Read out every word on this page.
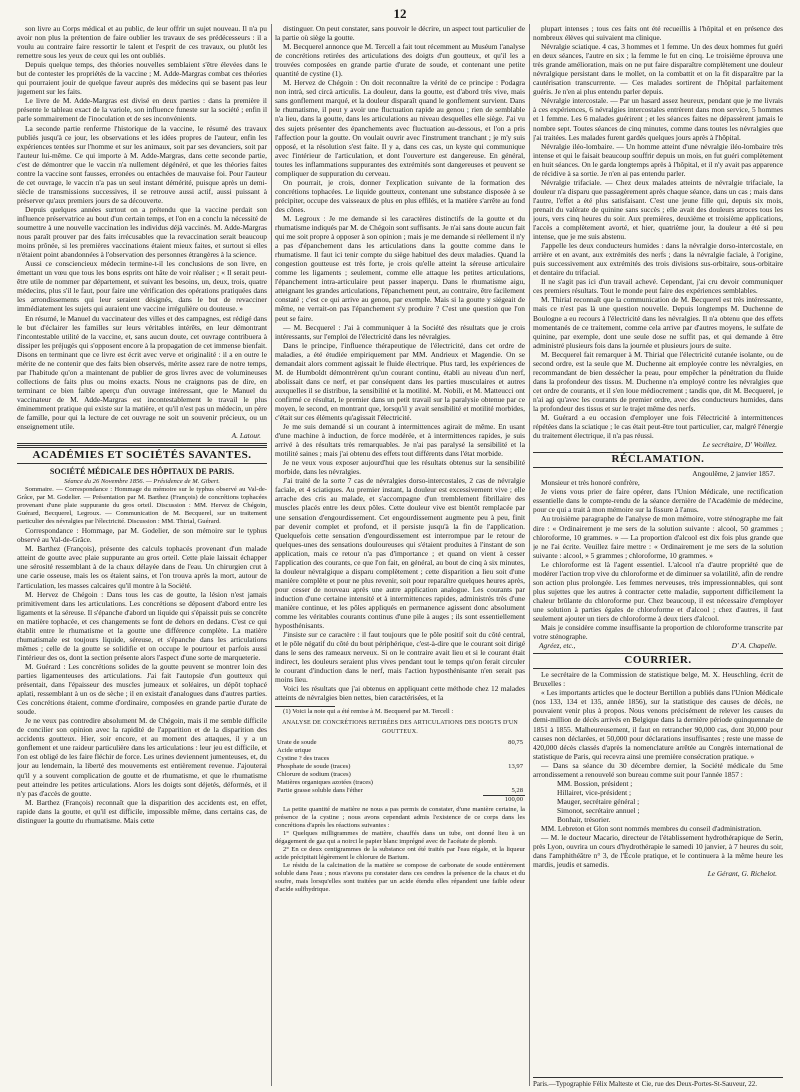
12

son livre au Corps médical et au public, de leur offrir un sujet nouveau. Il n'a pu avoir non plus la prétention de faire oublier les travaux de ses prédécesseurs : il a voulu au contraire faire ressortir le talent et l'esprit de ces travaux, ou plutôt les remettre sous les yeux de ceux qui les ont oubliés.

Depuis quelque temps, des théories nouvelles semblaient s'être élevées dans le but de contester les propriétés de la vaccine ; M. Adde-Margras combat ces théories qui pourraient jouir de quelque faveur auprès des médecins qui se basent pas leur jugement sur les faits.

Le livre de M. Adde-Margras est divisé en deux parties : dans la première il présente le tableau exact de la variole, son influence funeste sur la société ; enfin il parle sommairement de l'inoculation et de ses inconvénients.

La seconde partie renferme l'historique de la vaccine, le résumé des travaux publiés jusqu'à ce jour, les observations et les idées propres de l'auteur, enfin les expériences tentées sur l'homme et sur les animaux, soit par ses devanciers, soit par l'auteur lui-même. Ce qui importe à M. Adde-Margras, dans cette seconde partie, c'est de démontrer que le vaccin n'a nullement dégénéré, et que les théories faites contre la vaccine sont fausses, erronées ou entachées de mauvaise foi. Pour l'auteur de cet ouvrage, le vaccin n'a pas un seul instant démérité, puisque après un demi-siècle de transmissions successives, il se retrouve aussi actif, aussi puissant à préserver qu'aux premiers jours de sa découverte.

Depuis quelques années surtout on a prétendu que la vaccine perdait son influence préservatrice au bout d'un certain temps, et l'on en a conclu la nécessité de soumettre à une nouvelle vaccination les individus déjà vaccinés. M. Adde-Margras nous paraît prouver par des faits irrécusables que la revaccination serait beaucoup moins prônée, si les premières vaccinations étaient mieux faites, et surtout si elles n'étaient point abandonnées à l'observation des personnes étrangères à la science.

Aussi ce consciencieux médecin termine-t-il les conclusions de son livre, en émettant un vœu que tous les bons esprits ont hâte de voir réaliser ; « Il serait peut-être utile de nommer par département, et suivant les besoins, un, deux, trois, quatre médecins, plus s'il le faut, pour faire une vérification des opérations pratiquées dans les arrondissements qui leur seraient désignés, dans le but de revacciner immédiatement les sujets qui auraient une vaccine irrégulière ou douteuse. »

En résumé, le Manuel du vaccinateur des villes et des campagnes, est rédigé dans le but d'éclairer les familles sur leurs véritables intérêts, en leur démontrant l'incontestable utilité de la vaccine, et, sans aucun doute, cet ouvrage contribuera à dissiper les préjugés qui s'opposent encore à la propagation de cet immense bienfait. Disons en terminant que ce livre est écrit avec verve et originalité : il a en outre le mérite de ne contenir que des faits bien observés, mérite assez rare de notre temps, par l'habitude qu'on a maintenant de publier de gros livres avec de volumineuses collections de faits plus ou moins exacts. Nous ne craignons pas de dire, en terminant ce bien faible aperçu d'un ouvrage intéressant, que le Manuel du vaccinateur de M. Adde-Margras est incontestablement le travail le plus éminemment pratique qui existe sur la matière, et qu'il n'est pas un médecin, un père de famille, pour qui la lecture de cet ouvrage ne soit un souvenir précieux, ou un enseignement utile.

A. Latour.
ACADÉMIES ET SOCIÉTÉS SAVANTES.
SOCIÉTÉ MÉDICALE DES HÔPITAUX DE PARIS.

Séance du 26 Novembre 1856. — Présidence de M. Gibert.

Sommaire. — Correspondance : Hommage du mémoire sur le typhus observé au Val-de-Grâce, par M. Godelier. — Présentation par M. Barthez (François) de concrétions tophacées provenant d'une plaie suppurante du gros orteil. Discussion : MM. Hervez de Chégoin, Guérard, Becquerel, Legroux. — Communication de M. Becquerel, sur un traitement particulier des névralgies par l'électricité. Discussion : MM. Thirial, Guérard.

Correspondance : Hommage, par M. Godelier, de son mémoire sur le typhus observé au Val-de-Grâce.

M. Barthez (François), présente des calculs tophacés provenant d'un malade atteint de goutte avec plaie suppurante au gros orteil. Cette plaie laissait échapper une sérosité ressemblant à de la chaux délayée dans de l'eau. Un chirurgien crut à une carie osseuse, mais les os étaient sains, et l'on trouva après la mort, autour de l'articulation, les masses calcaires qu'il montre à la Société.

M. Hervez de Chégoin : Dans tous les cas de goutte, la lésion n'est jamais primitivement dans les articulations. Les concrétions se déposent d'abord entre les ligaments et la séreuse. Il s'épanche d'abord un liquide qui s'épaissit puis se concrète en matière tophacée, et ces changements se font de dehors en dedans. C'est ce qui établit entre le rhumatisme et la goutte une différence complète. La matière rhumatismale est toujours liquide, séreuse, et s'épanche dans les articulations mêmes ; celle de la goutte se solidifie et on occupe le pourtour et parfois aussi l'intérieur des os, dont la section présente alors l'aspect d'une sorte de marqueterie.

M. Guérard : Les concrétions solides de la goutte peuvent se montrer loin des parties ligamenteuses des articulations. J'ai fait l'autopsie d'un goutteux qui présentait, dans l'épaisseur des muscles jumeaux et soléaires, un dépôt tophacé aplati, ressemblant à un os de sèche ; il en existait d'analogues dans d'autres parties. Ces concrétions étaient, comme d'ordinaire, composées en grande partie d'urate de soude.

Je ne veux pas contredire absolument M. de Chégoin, mais il me semble difficile de concilier son opinion avec la rapidité de l'apparition et de la disparition des accidents goutteux. Hier, soir encore, et au moment des attaques, il y a un gonflement et une raideur particulière dans les articulations : leur jeu est difficile, et l'on est obligé de les faire fléchir de force. Les urines deviennent jumenteuses, et, du jour au lendemain, la liberté des mouvements est entièrement revenue. J'ajouterai qu'il y a souvent complication de goutte et de rhumatisme, et que le rhumatisme peut atteindre les petites articulations. Alors les doigts sont déjetés, déformés, et il n'y pas d'accès de goutte.

M. Barthez (François) reconnaît que la disparition des accidents est, en effet, rapide dans la goutte, et qu'il est difficile, impossible même, dans certains cas, de distinguer la goutte du rhumatisme. Mais cette

distinguer. On peut constater, sans pouvoir le décrire, un aspect tout particulier de la partie où siège la goutte.

M. Becquerel annonce que M. Tercell a fait tout récemment au Muséum l'analyse de concrétions retirées des articulations des doigts d'un goutteux, et qu'il les a trouvées composées en grande partie d'urate de soude, et contenant une petite quantité de cystine (1).

M. Hervez de Chégoin : On doit reconnaître la vérité de ce principe : Podagra non intrà, sed circà articulis. La douleur, dans la goutte, est d'abord très vive, mais sans gonflement marqué, et la douleur disparaît quand le gonflement survient. Dans le rhumatisme, il peut y avoir une fluctuation rapide au genou ; rien de semblable n'a lieu, dans la goutte, dans les articulations au niveau desquelles elle siège. J'ai vu des sujets présenter des épanchements avec fluctuation au-dessous, et l'on a pris l'affection pour la goutte. On voulait ouvrir avec l'instrument tranchant ; je m'y suis opposé, et la résolution s'est faite. Il y a, dans ces cas, un kyste qui communique avec l'intérieur de l'articulation, et dont l'ouverture est dangereuse. En général, toutes les inflammations suppurantes des extrémités sont dangereuses et peuvent se compliquer de suppuration du cerveau.

On pourrait, je crois, donner l'explication suivante de la formation des concrétions tophacées. Le liquide goutteux, contenant une substance disposée à se précipiter, occupe des vaisseaux de plus en plus effilés, et la matière s'arrête au fond des cônes.

M. Legroux : Je me demande si les caractères distinctifs de la goutte et du rhumatisme indiqués par M. de Chégoin sont suffisants. Je n'ai sans doute aucun fait qui me soit propre à opposer à son opinion ; mais je me demande si réellement il n'y a pas d'épanchement dans les articulations dans la goutte comme dans le rhumatisme. Il faut ici tenir compte du siège habituel des deux maladies. Quand la congestion goutteuse est très forte, je crois qu'elle atteint la séreuse articulaire comme les ligaments ; seulement, comme elle attaque les petites articulations, l'épanchement intra-articulaire peut passer inaperçu. Dans le rhumatisme aigu, atteignant les grandes articulations, l'épanchement peut, au contraire, être facilement constaté ; c'est ce qui arrive au genou, par exemple. Mais si la goutte y siégeait de même, ne verrait-on pas l'épanchement s'y produire ? C'est une question que l'on peut se faire.

— M. Becquerel : J'ai à communiquer à la Société des résultats que je crois intéressants, sur l'emploi de l'électricité dans les névralgies.

Dans le principe, l'influence thérapeutique de l'électricité, dans cet ordre de maladies, a été étudiée empiriquement par MM. Andrieux et Magendie. On se demandait alors comment agissait le fluide électrique. Plus tard, les expériences de M. de Humboldt démontrèrent qu'un courant continu, établi au niveau d'un nerf, abolissait dans ce nerf, et par conséquent dans les parties musculaires et autres auxquelles il se distribue, la sensibilité et la motilité. M. Nobili, et M. Matteucci ont confirmé ce résultat, le premier dans un petit travail sur la paralysie obtenue par ce moyen, le second, en montrant que, lorsqu'il y avait sensibilité et motilité morbides, c'était sur ces éléments qu'agissait l'électricité.

Je me suis demandé si un courant à intermittences agirait de même. En usant d'une machine à induction, de force modérée, et à intermittences rapides, je suis arrivé à des résultats très remarquables. Je n'ai pas paralysé la sensibilité et la motilité saines ; mais j'ai obtenu des effets tout différents dans l'état morbide.

Je ne veux vous exposer aujourd'hui que les résultats obtenus sur la sensibilité morbide, dans les névralgies.

J'ai traité de la sorte 7 cas de névralgies dorso-intercostales, 2 cas de névralgie faciale, et 4 sciatiques. Au premier instant, la douleur est excessivement vive ; elle arrache des cris au malade, et s'accompagne d'un tremblement fibrillaire des muscles placés entre les deux pôles. Cette douleur vive est bientôt remplacée par une sensation d'engourdissement. Cet engourdissement augmente peu à peu, finit par devenir complet et profond, et il persiste jusqu'à la fin de l'application. Quelquefois cette sensation d'engourdissement est interrompue par le retour de quelques-unes des sensations douloureuses qui s'étaient produites à l'instant de son application, mais ce retour n'a pas d'importance ; et quand on vient à cesser l'application des courants, ce que l'on fait, en général, au bout de cinq à six minutes, la douleur névralgique a disparu complètement ; cette disparition a lieu soit d'une manière complète et pour ne plus revenir, soit pour reparaître quelques heures après, pour cesser de nouveau après une autre application analogue. Les courants par induction d'une certaine intensité et à intermittences rapides, administrés très d'une manière continue, et les pôles appliqués en permanence agissent donc absolument comme les véritables courants continus d'une pile à auges ; ils sont essentiellement hyposthénisants.

J'insiste sur ce caractère : il faut toujours que le pôle positif soit du côté central, et le pôle négatif du côté du bout périphérique, c'est-à-dire que le courant soit dirigé dans le sens des rameaux nerveux. Si on le contraire avait lieu et si le courant était indirect, les douleurs seraient plus vives pendant tout le temps qu'on ferait circuler le courant d'induction dans le nerf, mais l'action hyposthénisante n'en serait pas moins lieu.

Voici les résultats que j'ai obtenus en appliquant cette méthode chez 12 malades atteints de névralgies bien nettes, bien caractérisées, et la

(1) Voici la note qui a été remise à M. Becquerel par M. Tercell :

ANALYSE DE CONCRÉTIONS RETIRÉES DES ARTICULATIONS DES DOIGTS D'UN GOUTTEUX.
Urate de soude	80,75
Acide urique	
Cystine ? des traces	
Phosphate de soude (traces)	13,97
Chlorure de sodium (traces)	
Matières organiques azotées (traces)	
Partie grasse soluble dans l'éther	5,28
	100,00

La petite quantité de matière ne nous a pas permis de constater, d'une manière certaine, la présence de la cystine ; nous avons cependant admis l'existence de ce corps dans les concrétions d'après les réactions suivantes :

1° Quelques milligrammes de matière, chauffés dans un tube, ont donné lieu à un dégagement de gaz qui a noirci le papier blanc imprégné avec de l'acétate de plomb.

2° En ce deux centigrammes de la substance ont été traités par l'eau régale, et la liqueur acide précipitait légèrement le chlorure de Barium.

Le résidu de la calcination de la matière se compose de carbonate de soude entièrement soluble dans l'eau ; nous n'avons pu constater dans ces cendres la présence de la chaux et du soufre, mais lorsqu'elles sont traitées par un acide étendu elles répandent une faible odeur d'acide sulfhydrique.

plupart intenses ; tous ces faits ont été recueillis à l'hôpital et en présence des nombreux élèves qui suivaient ma clinique.

Névralgie sciatique. 4 cas, 3 hommes et 1 femme. Un des deux hommes fut guéri en deux séances, l'autre en six ; la femme le fut en cinq. Le troisième éprouva une très grande amélioration, mais on ne put faire disparaître complètement une douleur névralgique persistant dans le mollet, on la combattit et on la fit disparaître par la cautérisation transcurrente. — Ces malades sortirent de l'hôpital parfaitement guéris. Je n'en ai plus entendu parler depuis.

Névralgie intercostale. — Par un hasard assez heureux, pendant que je me livrais à ces expériences, 6 névralgies intercostales entrèrent dans mon service, 5 hommes et 1 femme. Les 6 malades guérirent ; et les séances faites ne dépassèrent jamais le nombre sept. Toutes séances de cinq minutes, comme dans toutes les névralgies que j'ai traitées. Les malades furent gardés quelques jours après à l'hôpital.

Névralgie iléo-lombaire. — Un homme atteint d'une névralgie iléo-lombaire très intense et qui le faisait beaucoup souffrir depuis un mois, en fut guéri complètement en huit séances. On le garda longtemps après à l'hôpital, et il n'y avait pas apparence de récidive à sa sortie. Je n'en ai pas entendu parler.

Névralgie trifaciale. — Chez deux malades atteints de névralgie trifaciale, la douleur n'a disparu que passagèrement après chaque séance, dans un cas ; mais dans l'autre, l'effet a été plus satisfaisant. C'est une jeune fille qui, depuis six mois, prenait du valérate de quinine sans succès ; elle avait des douleurs atroces tous les jours, vers cinq heures du soir. Aux premières, deuxième et troisième applications, l'accès a complètement avorté, et hier, quatrième jour, la douleur a été si peu intense, que je me suis abstenu.

J'appelle les deux conducteurs humides : dans la névralgie dorso-intercostale, en arrière et en avant, aux extrémités des nerfs ; dans la névralgie faciale, à l'origine, puis successivement aux extrémités des trois divisions sus-orbitaire, sous-orbitaire et dentaire du trifacial.

Il ne s'agit pas ici d'un travail achevé. Cependant, j'ai cru devoir communiquer ces premiers résultats. Tout le monde peut faire des expériences semblables.

M. Thirial reconnaît que la communication de M. Becquerel est très intéressante, mais ce n'est pas là une question nouvelle. Depuis longtemps M. Duchenne de Boulogne a eu recours à l'électricité dans les névralgies. Il n'a obtenu que des effets momentanés de ce traitement, comme cela arrive par d'autres moyens, le sulfate de quinine, par exemple, dont une seule dose ne suffit pas, et qui demande à être administré plusieurs fois dans la journée et plusieurs jours de suite.

M. Becquerel fait remarquer à M. Thirial que l'électricité cutanée isolante, ou de second ordre, est la seule que M. Duchenne ait employée contre les névralgies, en recommandant de bien dessécher la peau, pour empêcher la pénétration du fluide dans la profondeur des tissus. M. Duchenne n'a employé contre les névralgies que cet ordre de courants, et il s'en loue médiocrement ; tandis que, dit M. Becquerel, je n'ai agi qu'avec les courants de premier ordre, avec des conducteurs humides, dans la profondeur des tissus et sur le trajet même des nerfs.

M. Guérard a eu occasion d'employer une fois l'électricité à intermittences répétées dans la sciatique ; le cas était peut-être tout particulier, car, malgré l'énergie du traitement électrique, il n'a pas réussi.

Le secrétaire, D' Woillez.
RÉCLAMATION.
Angoulême, 2 janvier 1857.

Monsieur et très honoré confrère,

Je viens vous prier de faire opérer, dans l'Union Médicale, une rectification essentielle dans le compte-rendu de la séance dernière de l'Académie de médecine, pour ce qui a trait à mon mémoire sur la fissure à l'anus.

Au troisième paragraphe de l'analyse de mon mémoire, votre sténographe me fait dire : « Ordinairement je me sers de la solution suivante : alcool, 50 grammes ; chloroforme, 10 grammes. » — La proportion d'alcool est dix fois plus grande que je ne l'ai écrite. Veuillez faire mettre : « Ordinairement je me sers de la solution suivante : alcool, » 5 grammes ; chloroforme, 10 grammes. »

Le chloroforme est là l'agent essentiel. L'alcool n'a d'autre propriété que de modérer l'action trop vive du chloroforme et de diminuer sa volatilité, afin de rendre son action plus prolongée. Les femmes nerveuses, très impressionnables, qui sont plus sujettes que les autres à contracter cette maladie, supportent difficilement la chaleur brûlante du chloroforme pur. Chez beaucoup, il est nécessaire d'employer une solution à parties égales de chloroforme et d'alcool ; chez d'autres, il faut seulement ajouter un tiers de chloroforme à deux tiers d'alcool.

Mais je considère comme insuffisante la proportion de chloroforme transcrite par votre sténographe.

Agréez, etc.,	D' A. Chapelle.
COURRIER.

Le secrétaire de la Commission de statistique belge, M. X. Heuschling, écrit de Bruxelles :

« Les importants articles que le docteur Bertillon a publiés dans l'Union Médicale (nos 133, 134 et 135, année 1856), sur la statistique des causes de décès, ne pouvaient venir plus à propos. Nous venons précisément de relever les causes du demi-million de décès arrivés en Belgique dans la dernière période quinquennale de 1851 à 1855. Malheureusement, il faut en retrancher 90,000 cas, dont 30,000 pour causes non déclarées, et 50,000 pour déclarations insuffisantes ; reste une masse de 420,000 décès classés d'après la nomenclature arrêtée au Congrès international de statistique de Paris, qui recevra ainsi une première consécration pratique. »

— Dans sa séance du 30 décembre dernier, la Société médicale du 5me arrondissement a renouvelé son bureau comme suit pour l'année 1857 :

MM. Bossion, président ;

Hillairet, vice-président ;

Mauger, secrétaire général ;

Simonot, secrétaire annuel ;

Bonhair, trésorier.

MM. Lebreton et Glon sont nommés membres du conseil d'administration.

— M. le docteur Macario, directeur de l'établissement hydrothérapique de Serin, près Lyon, ouvrira un cours d'hydrothérapie le samedi 10 janvier, à 7 heures du soir, dans l'amphithéâtre n° 3, de l'École pratique, et le continuera à la même heure les mardis, jeudis et samedis.

Le Gérant, G. Richelot.
Paris.—Typographie Félix Malteste et Cie, rue des Deux-Portes-St-Sauveur, 22.
